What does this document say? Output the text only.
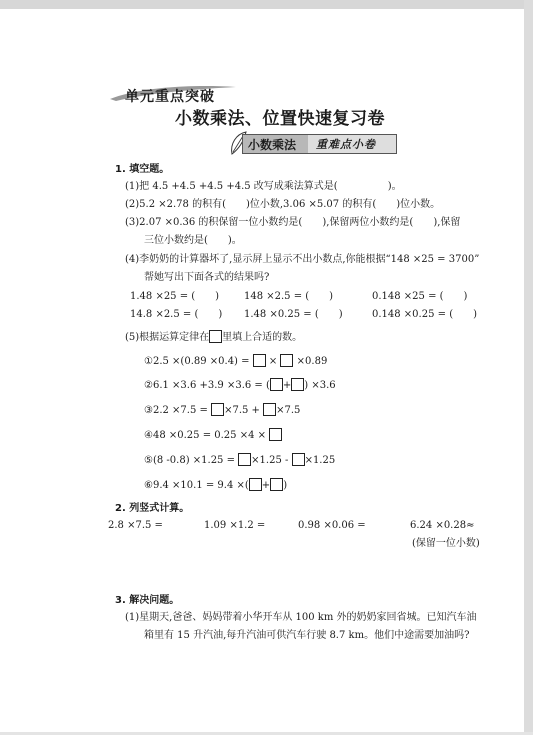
单元重点突破
小数乘法、位置快速复习卷
小数乘法 重难点小卷
1. 填空题。
(1)把 4.5 +4.5 +4.5 +4.5 改写成乘法算式是(　　　　　)。
(2)5.2 ×2.78 的积有(　　)位小数,3.06 ×5.07 的积有(　　)位小数。
(3)2.07 ×0.36 的积保留一位小数约是(　　),保留两位小数约是(　　),保留
三位小数约是(　　)。
(4)李奶奶的计算器坏了,显示屏上显示不出小数点,你能根据“148 ×25 = 3700”
帮她写出下面各式的结果吗?
1.48 ×25 = (　　) 148 ×2.5 = (　　)	0.148 ×25 = (　　)
14.8 ×2.5 = (　　) 1.48 ×0.25 = (　　)	0.148 ×0.25 = (　　)
(5)根据运算定律在 里填上合适的数。
①2.5 ×(0.89 ×0.4) = × ×0.89
②6.1 ×3.6 +3.9 ×3.6 = ( + ) ×3.6
③2.2 ×7.5 = ×7.5 + ×7.5
④48 ×0.25 = 0.25 ×4 ×
⑤(8 -0.8) ×1.25 = ×1.25 - ×1.25
⑥9.4 ×10.1 = 9.4 ×( + )
2. 列竖式计算。
2.8 ×7.5 =	1.09 ×1.2 =	0.98 ×0.06 =	6.24 ×0.28≈
(保留一位小数)
3. 解决问题。
(1)星期天,爸爸、妈妈带着小华开车从 100 km 外的奶奶家回省城。已知汽车油
箱里有 15 升汽油,每升汽油可供汽车行驶 8.7 km。他们中途需要加油吗?
